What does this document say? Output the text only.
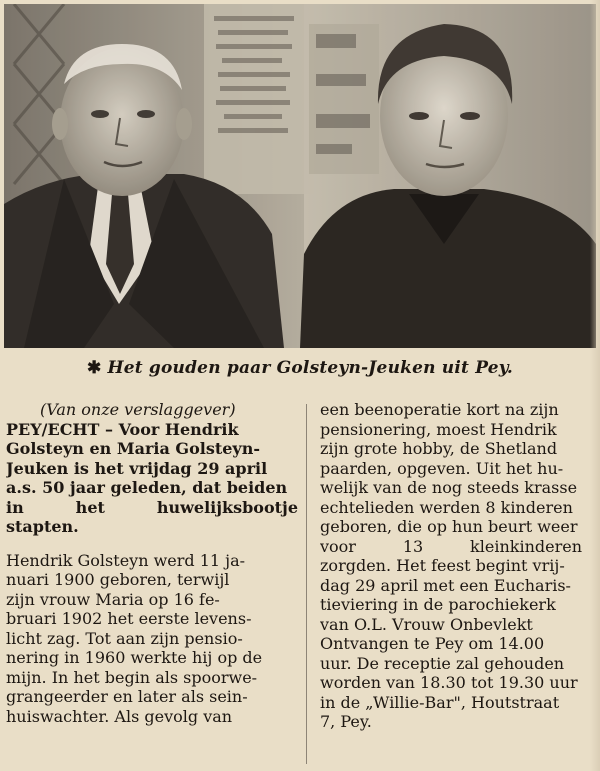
✱ Het gouden paar Golsteyn-Jeuken uit Pey.
(Van onze verslaggever)
PEY/ECHT – Voor Hendrik
Golsteyn en Maria Golsteyn-
Jeuken is het vrijdag 29 april
a.s. 50 jaar geleden, dat beiden
in het huwelijksbootje
stapten.
Hendrik Golsteyn werd 11 ja-
nuari 1900 geboren, terwijl
zijn vrouw Maria op 16 fe-
bruari 1902 het eerste levens-
licht zag. Tot aan zijn pensio-
nering in 1960 werkte hij op de
mijn. In het begin als spoorwe-
grangeerder en later als sein-
huiswachter. Als gevolg van
een beenoperatie kort na zijn
pensionering, moest Hendrik
zijn grote hobby, de Shetland
paarden, opgeven. Uit het hu-
welijk van de nog steeds krasse
echtelieden werden 8 kinderen
geboren, die op hun beurt weer
voor 13 kleinkinderen
zorgden. Het feest begint vrij-
dag 29 april met een Eucharis-
tieviering in de parochiekerk
van O.L. Vrouw Onbevlekt
Ontvangen te Pey om 14.00
uur. De receptie zal gehouden
worden van 18.30 tot 19.30 uur
in de „Willie-Bar", Houtstraat
7, Pey.
